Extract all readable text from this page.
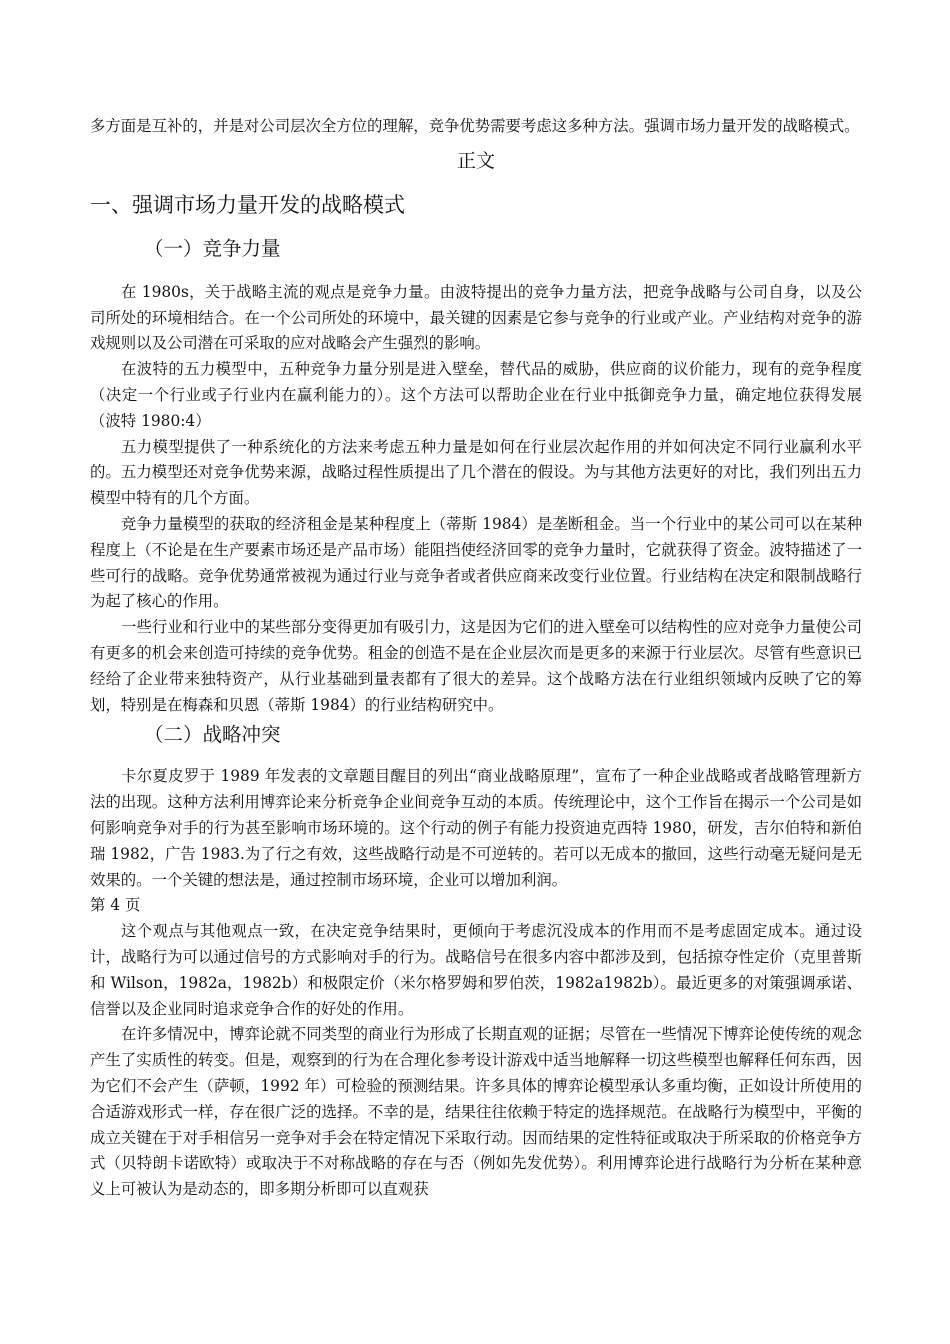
多方面是互补的，并是对公司层次全方位的理解，竞争优势需要考虑这多种方法。强调市场力量开发的战略模式。

正文
一、强调市场力量开发的战略模式
（一）竞争力量

在 1980s，关于战略主流的观点是竞争力量。由波特提出的竞争力量方法，把竞争战略与公司自身，以及公司所处的环境相结合。在一个公司所处的环境中，最关键的因素是它参与竞争的行业或产业。产业结构对竞争的游戏规则以及公司潜在可采取的应对战略会产生强烈的影响。

在波特的五力模型中，五种竞争力量分别是进入壁垒，替代品的威胁，供应商的议价能力，现有的竞争程度（决定一个行业或子行业内在赢利能力的）。这个方法可以帮助企业在行业中抵御竞争力量，确定地位获得发展（波特 1980:4）

五力模型提供了一种系统化的方法来考虑五种力量是如何在行业层次起作用的并如何决定不同行业赢利水平的。五力模型还对竞争优势来源，战略过程性质提出了几个潜在的假设。为与其他方法更好的对比，我们列出五力模型中特有的几个方面。

竞争力量模型的获取的经济租金是某种程度上（蒂斯 1984）是垄断租金。当一个行业中的某公司可以在某种程度上（不论是在生产要素市场还是产品市场）能阻挡使经济回零的竞争力量时，它就获得了资金。波特描述了一些可行的战略。竞争优势通常被视为通过行业与竞争者或者供应商来改变行业位置。行业结构在决定和限制战略行为起了核心的作用。

一些行业和行业中的某些部分变得更加有吸引力，这是因为它们的进入壁垒可以结构性的应对竞争力量使公司有更多的机会来创造可持续的竞争优势。租金的创造不是在企业层次而是更多的来源于行业层次。尽管有些意识已经给了企业带来独特资产，从行业基础到量表都有了很大的差异。这个战略方法在行业组织领域内反映了它的筹划，特别是在梅森和贝恩（蒂斯 1984）的行业结构研究中。

（二）战略冲突

卡尔夏皮罗于 1989 年发表的文章题目醒目的列出“商业战略原理”，宣布了一种企业战略或者战略管理新方法的出现。这种方法利用博弈论来分析竞争企业间竞争互动的本质。传统理论中，这个工作旨在揭示一个公司是如何影响竞争对手的行为甚至影响市场环境的。这个行动的例子有能力投资迪克西特 1980，研发，吉尔伯特和新伯瑞 1982，广告 1983.为了行之有效，这些战略行动是不可逆转的。若可以无成本的撤回，这些行动毫无疑问是无效果的。一个关键的想法是，通过控制市场环境，企业可以增加利润。

第 4 页

这个观点与其他观点一致，在决定竞争结果时，更倾向于考虑沉没成本的作用而不是考虑固定成本。通过设计，战略行为可以通过信号的方式影响对手的行为。战略信号在很多内容中都涉及到，包括掠夺性定价（克里普斯和 Wilson，1982a，1982b）和极限定价（米尔格罗姆和罗伯茨，1982a1982b）。最近更多的对策强调承诺、信誉以及企业同时追求竞争合作的好处的作用。

在许多情况中，博弈论就不同类型的商业行为形成了长期直观的证据；尽管在一些情况下博弈论使传统的观念产生了实质性的转变。但是，观察到的行为在合理化参考设计游戏中适当地解释一切这些模型也解释任何东西，因为它们不会产生（萨顿，1992 年）可检验的预测结果。许多具体的博弈论模型承认多重均衡，正如设计所使用的合适游戏形式一样，存在很广泛的选择。不幸的是，结果往往依赖于特定的选择规范。在战略行为模型中，平衡的成立关键在于对手相信另一竞争对手会在特定情况下采取行动。因而结果的定性特征或取决于所采取的价格竞争方式（贝特朗卡诺欧特）或取决于不对称战略的存在与否（例如先发优势）。利用博弈论进行战略行为分析在某种意义上可被认为是动态的，即多期分析即可以直观获
